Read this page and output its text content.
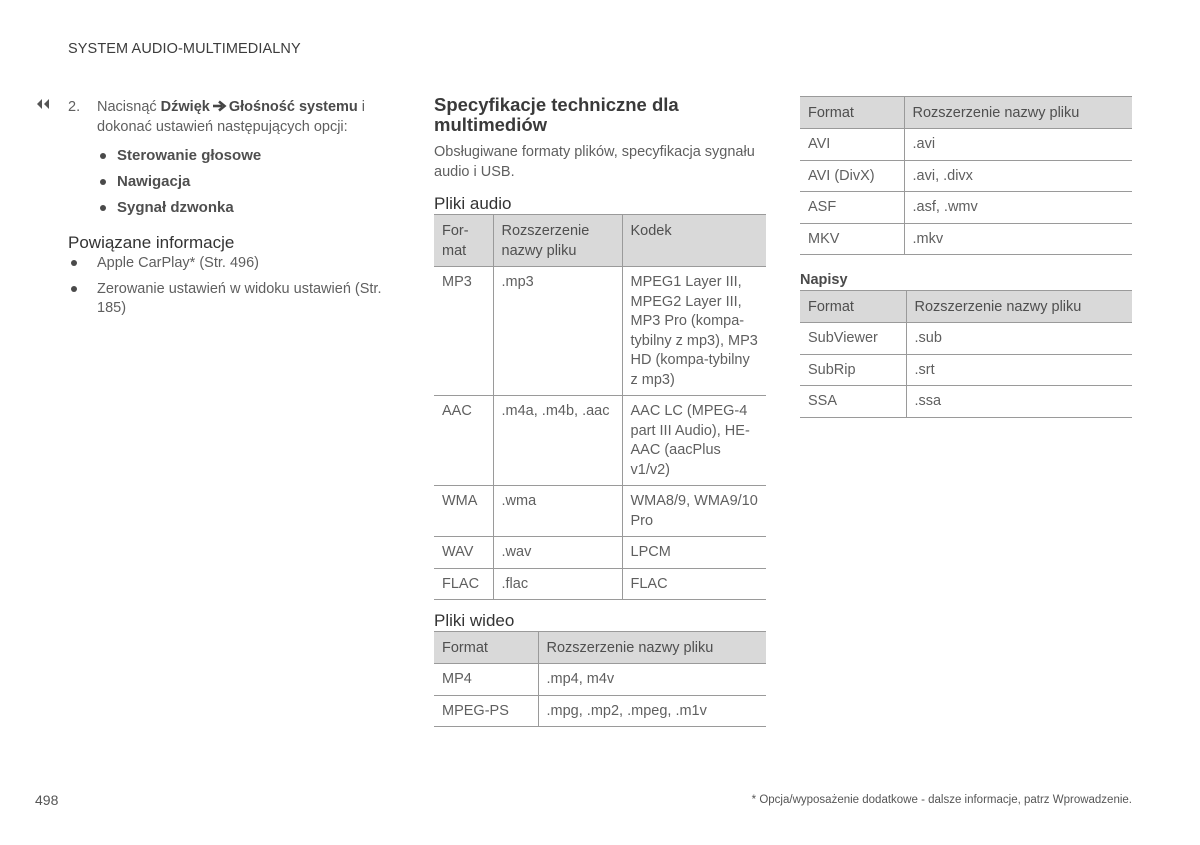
SYSTEM AUDIO-MULTIMEDIALNY
2. Nacisnąć Dźwięk Głośność systemu i dokonać ustawień następujących opcji:
Sterowanie głosowe
Nawigacja
Sygnał dzwonka
Powiązane informacje
Apple CarPlay* (Str. 496)
Zerowanie ustawień w widoku ustawień (Str. 185)
Specyfikacje techniczne dla multimediów
Obsługiwane formaty plików, specyfikacja sygnału audio i USB.
Pliki audio
For-
mat	Rozszerzenie nazwy pliku	Kodek
MP3	.mp3	MPEG1 Layer III, MPEG2 Layer III, MP3 Pro (kompa-tybilny z mp3), MP3 HD (kompa-tybilny z mp3)
AAC	.m4a, .m4b, .aac	AAC LC (MPEG-4 part III Audio), HE-AAC (aacPlus v1/v2)
WMA	.wma	WMA8/9, WMA9/10 Pro
WAV	.wav	LPCM
FLAC	.flac	FLAC
Pliki wideo
Format	Rozszerzenie nazwy pliku
MP4	.mp4, m4v
MPEG-PS	.mpg, .mp2, .mpeg, .m1v
Format	Rozszerzenie nazwy pliku
AVI	.avi
AVI (DivX)	.avi, .divx
ASF	.asf, .wmv
MKV	.mkv
Napisy
Format	Rozszerzenie nazwy pliku
SubViewer	.sub
SubRip	.srt
SSA	.ssa
498	* Opcja/wyposażenie dodatkowe - dalsze informacje, patrz Wprowadzenie.
